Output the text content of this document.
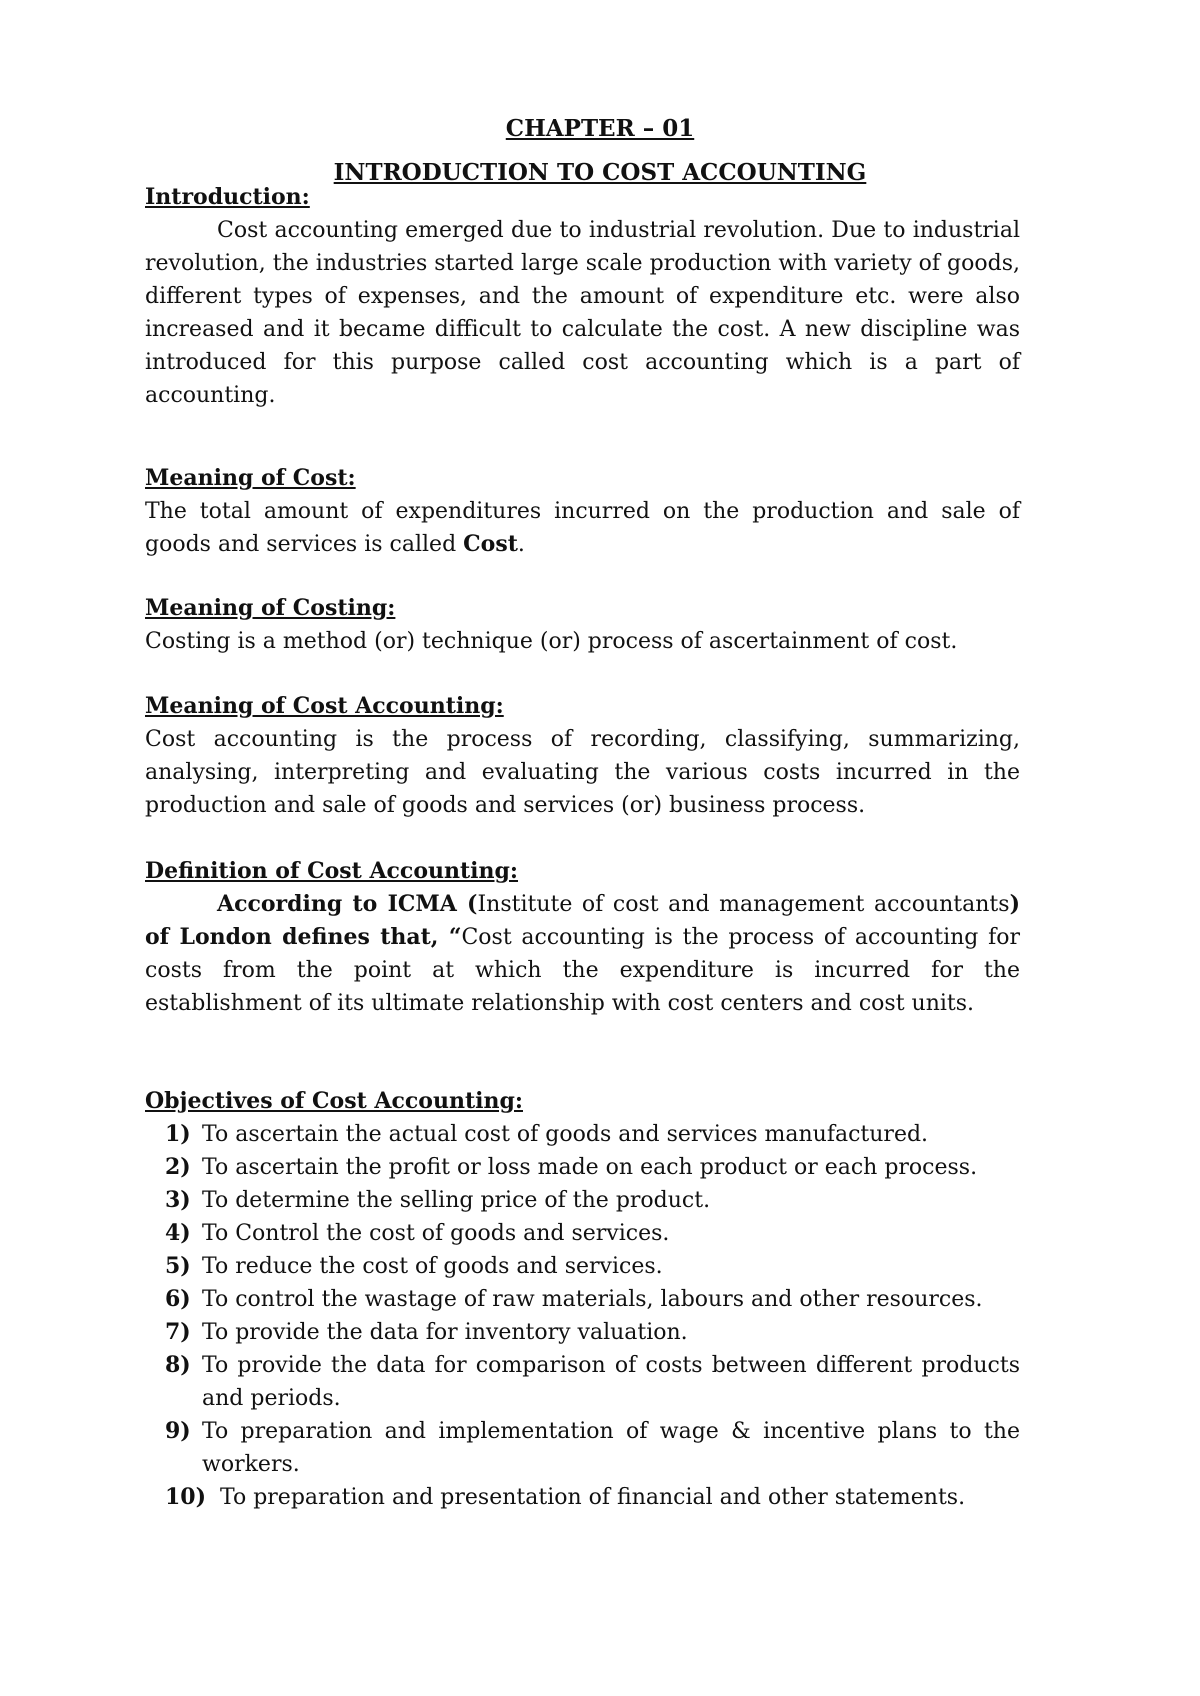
CHAPTER – 01
INTRODUCTION TO COST ACCOUNTING
Introduction:
Cost accounting emerged due to industrial revolution. Due to industrial revolution, the industries started large scale production with variety of goods, different types of expenses, and the amount of expenditure etc. were also increased and it became difficult to calculate the cost. A new discipline was introduced for this purpose called cost accounting which is a part of accounting.
Meaning of Cost:
The total amount of expenditures incurred on the production and sale of goods and services is called Cost.
Meaning of Costing:
Costing is a method (or) technique (or) process of ascertainment of cost.
Meaning of Cost Accounting:
Cost accounting is the process of recording, classifying, summarizing, analysing, interpreting and evaluating the various costs incurred in the production and sale of goods and services (or) business process.
Definition of Cost Accounting:
According to ICMA (Institute of cost and management accountants) of London defines that, “Cost accounting is the process of accounting for costs from the point at which the expenditure is incurred for the establishment of its ultimate relationship with cost centers and cost units.
Objectives of Cost Accounting:
1) To ascertain the actual cost of goods and services manufactured.
2) To ascertain the profit or loss made on each product or each process.
3) To determine the selling price of the product.
4) To Control the cost of goods and services.
5) To reduce the cost of goods and services.
6) To control the wastage of raw materials, labours and other resources.
7) To provide the data for inventory valuation.
8) To provide the data for comparison of costs between different products and periods.
9) To preparation and implementation of wage & incentive plans to the workers.
10) To preparation and presentation of financial and other statements.
